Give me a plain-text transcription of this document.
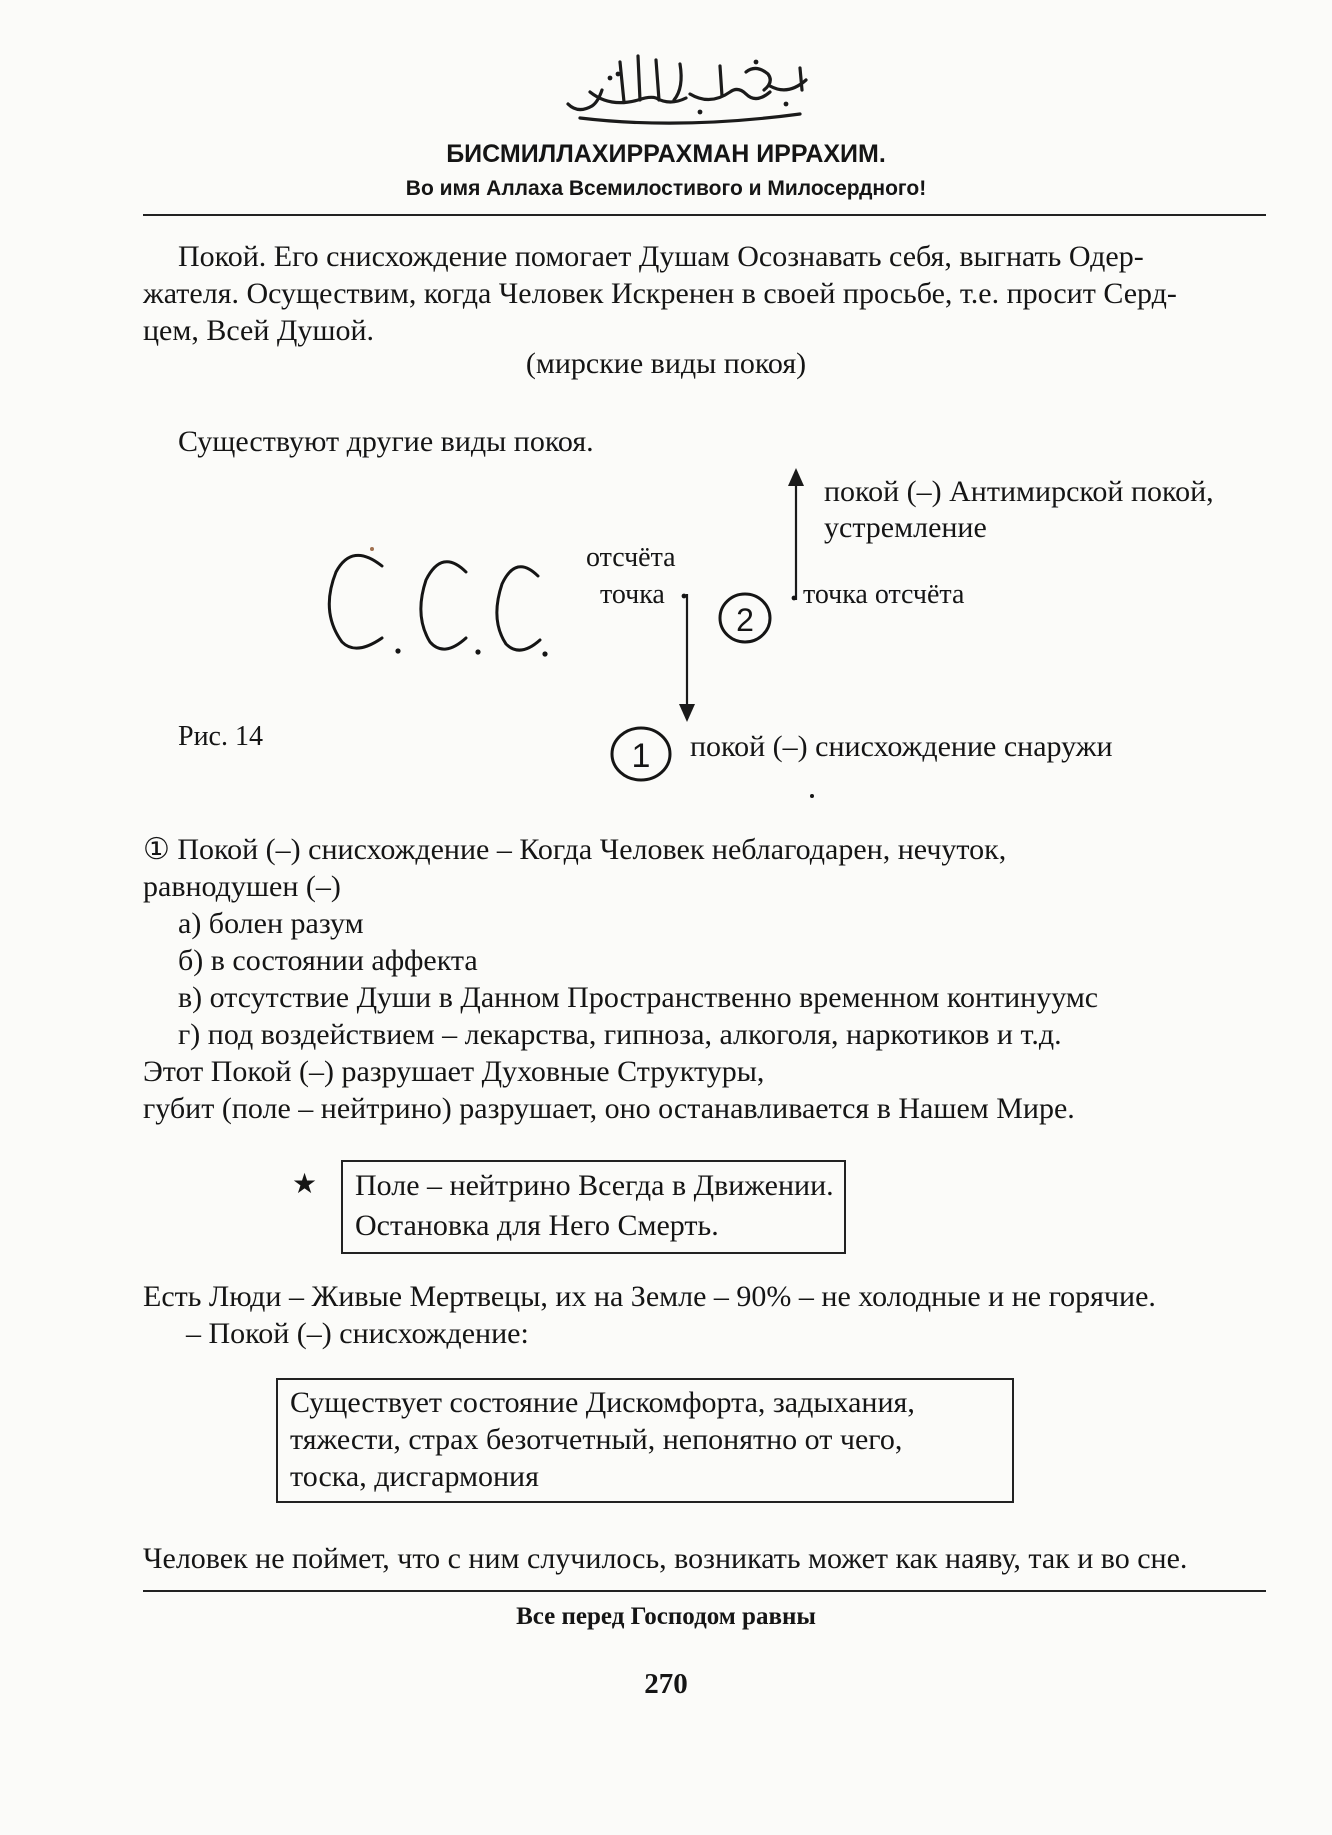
БИСМИЛЛАХИРРАХМАН ИРРАХИМ.
Во имя Аллаха Всемилостивого и Милосердного!

Покой. Его снисхождение помогает Душам Осознавать себя, выгнать Одер-

жателя. Осуществим, когда Человек Искренен в своей просьбе, т.е. просит Серд-

цем, Всей Душой.

(мирские виды покоя)
Существуют другие виды покоя.
2
1
покой (–) Антимирской покой,
устремление
отсчёта
точка	точка отсчёта
покой (–) снисхождение снаружи
Рис. 14
① Покой (–) снисхождение – Когда Человек неблагодарен, нечуток,
равнодушен (–)
а) болен разум
б) в состоянии аффекта
в) отсутствие Души в Данном Пространственно временном континуумс
г) под воздействием – лекарства, гипноза, алкоголя, наркотиков и т.д.
Этот Покой (–) разрушает Духовные Структуры,
губит (поле – нейтрино) разрушает, оно останавливается в Нашем Мире.
★ Поле – нейтрино Всегда в Движении.
Остановка для Него Смерть.
Есть Люди – Живые Мертвецы, их на Земле – 90% – не холодные и не горячие.
– Покой (–) снисхождение:
Существует состояние Дискомфорта, задыхания,
тяжести, страх безотчетный, непонятно от чего,
тоска, дисгармония
Человек не поймет, что с ним случилось, возникать может как наяву, так и во сне.
Все перед Господом равны
270
